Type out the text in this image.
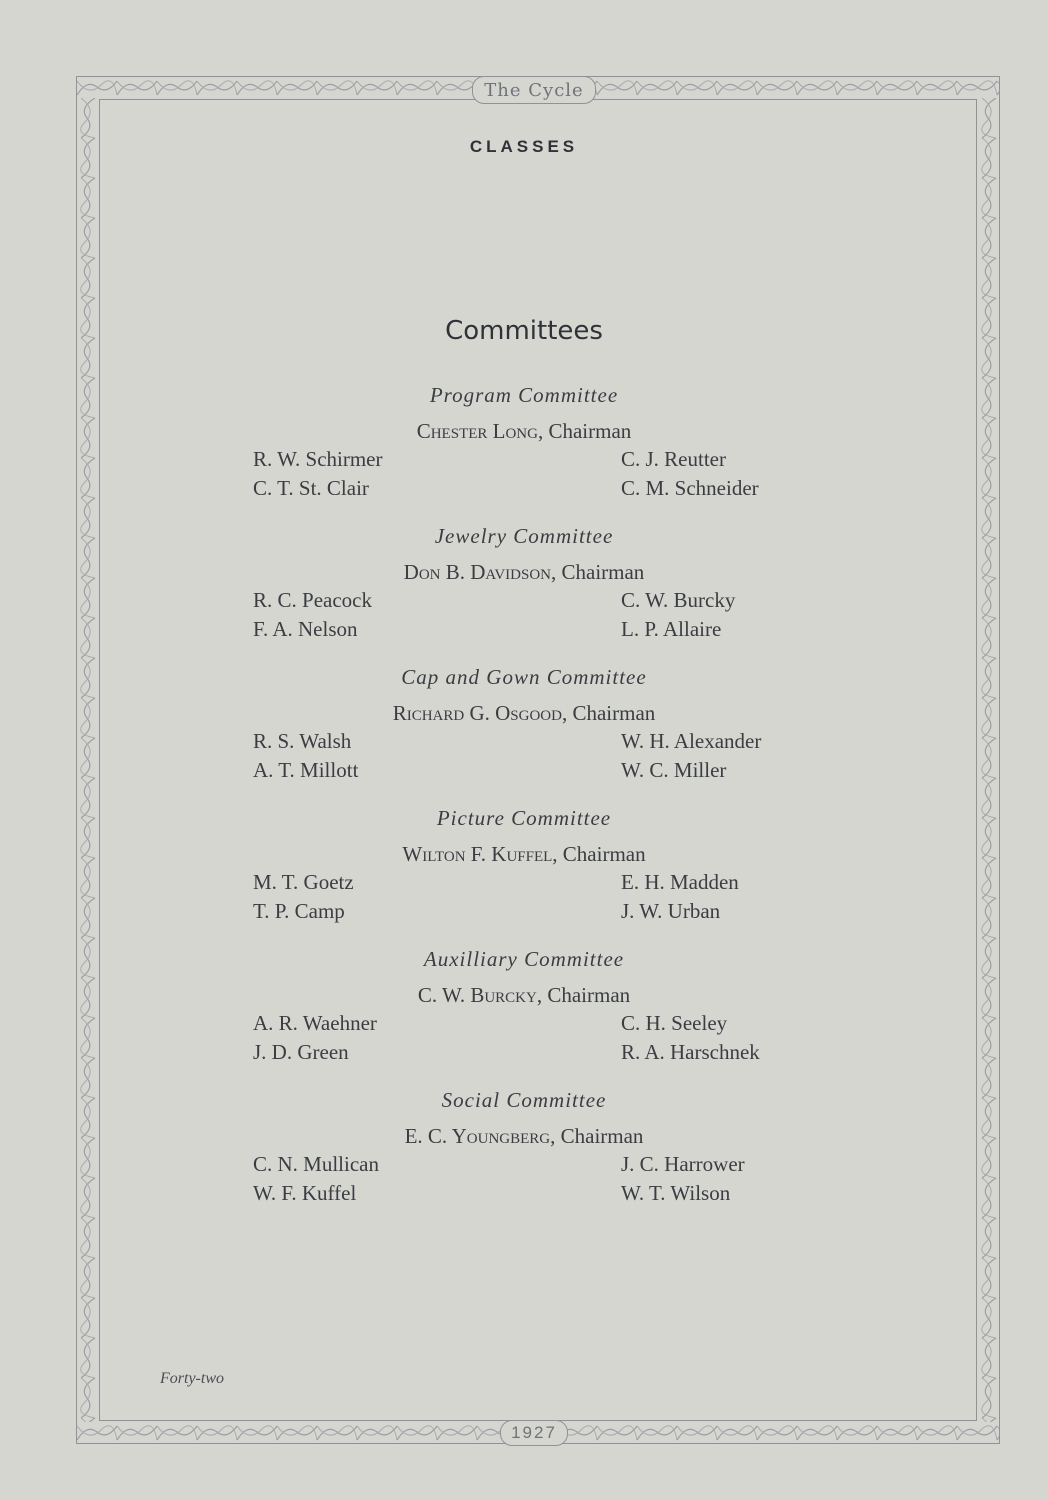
The Cycle
1927
CLASSES
Committees
Program Committee
Chester Long, Chairman
R. W. Schirmer	C. J. Reutter
C. T. St. Clair	C. M. Schneider
Jewelry Committee
Don B. Davidson, Chairman
R. C. Peacock	C. W. Burcky
F. A. Nelson	L. P. Allaire
Cap and Gown Committee
Richard G. Osgood, Chairman
R. S. Walsh	W. H. Alexander
A. T. Millott	W. C. Miller
Picture Committee
Wilton F. Kuffel, Chairman
M. T. Goetz	E. H. Madden
T. P. Camp	J. W. Urban
Auxilliary Committee
C. W. Burcky, Chairman
A. R. Waehner	C. H. Seeley
J. D. Green	R. A. Harschnek
Social Committee
E. C. Youngberg, Chairman
C. N. Mullican	J. C. Harrower
W. F. Kuffel	W. T. Wilson
Forty-two
